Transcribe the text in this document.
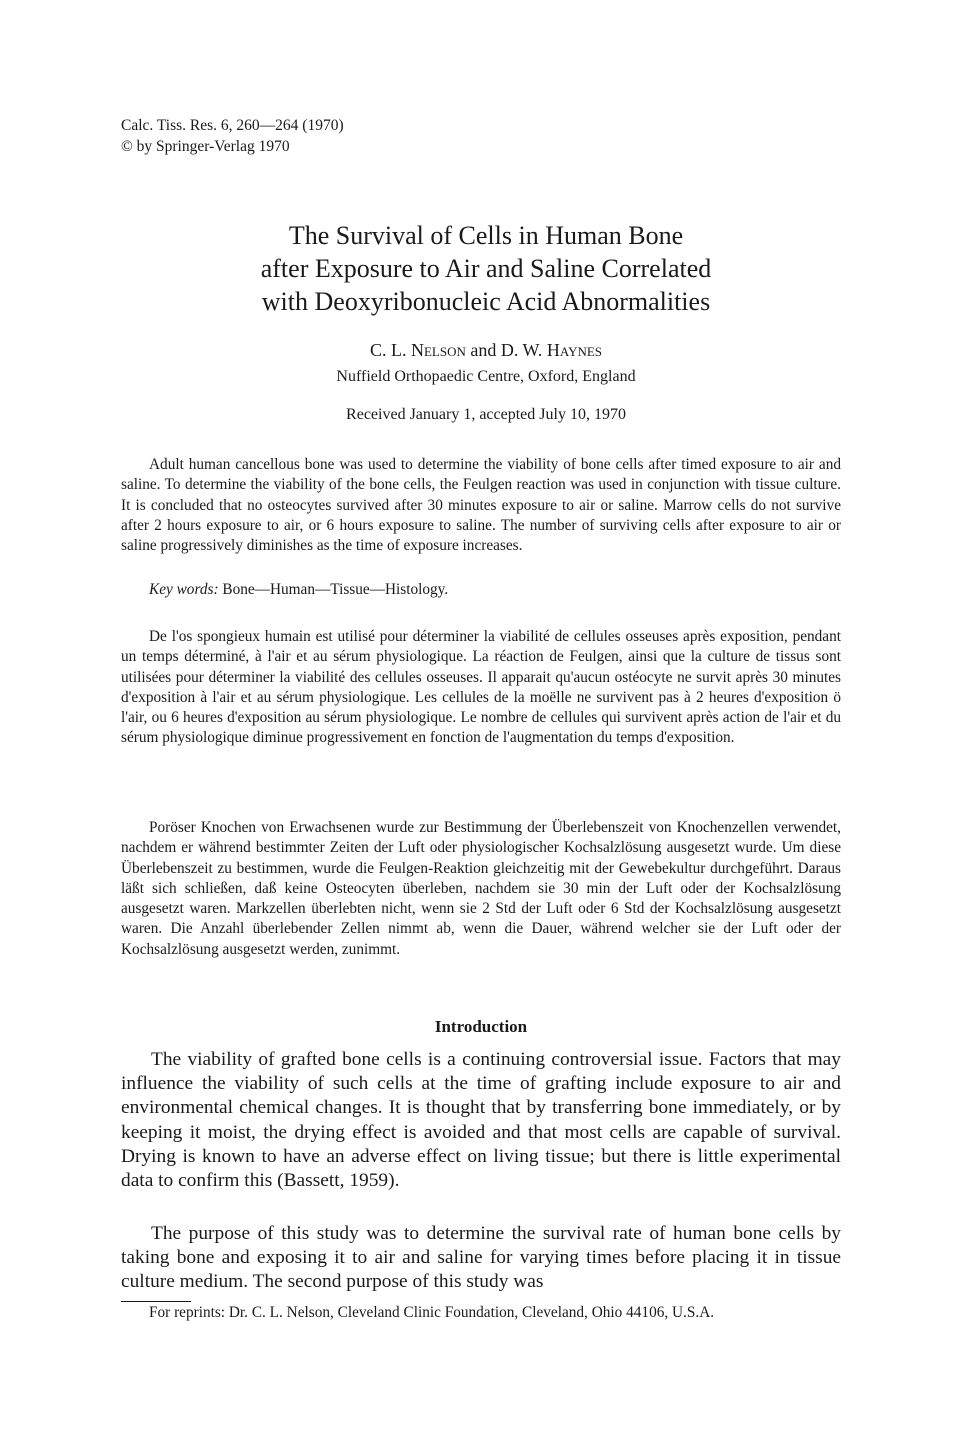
Calc. Tiss. Res. 6, 260—264 (1970)
© by Springer-Verlag 1970
The Survival of Cells in Human Bone
after Exposure to Air and Saline Correlated
with Deoxyribonucleic Acid Abnormalities
C. L. Nelson and D. W. Haynes
Nuffield Orthopaedic Centre, Oxford, England
Received January 1, accepted July 10, 1970

Adult human cancellous bone was used to determine the viability of bone cells after timed exposure to air and saline. To determine the viability of the bone cells, the Feulgen reaction was used in conjunction with tissue culture. It is concluded that no osteocytes survived after 30 minutes exposure to air or saline. Marrow cells do not survive after 2 hours exposure to air, or 6 hours exposure to saline. The number of surviving cells after exposure to air or saline progressively diminishes as the time of exposure increases.

Key words: Bone—Human—Tissue—Histology.

De l'os spongieux humain est utilisé pour déterminer la viabilité de cellules osseuses après exposition, pendant un temps déterminé, à l'air et au sérum physiologique. La réaction de Feulgen, ainsi que la culture de tissus sont utilisées pour déterminer la viabilité des cellules osseuses. Il apparait qu'aucun ostéocyte ne survit après 30 minutes d'exposition à l'air et au sérum physiologique. Les cellules de la moëlle ne survivent pas à 2 heures d'exposition ö l'air, ou 6 heures d'exposition au sérum physiologique. Le nombre de cellules qui survivent après action de l'air et du sérum physiologique diminue progressivement en fonction de l'augmentation du temps d'exposition.

Poröser Knochen von Erwachsenen wurde zur Bestimmung der Überlebenszeit von Knochenzellen verwendet, nachdem er während bestimmter Zeiten der Luft oder physiologischer Kochsalzlösung ausgesetzt wurde. Um diese Überlebenszeit zu bestimmen, wurde die Feulgen-Reaktion gleichzeitig mit der Gewebekultur durchgeführt. Daraus läßt sich schließen, daß keine Osteocyten überleben, nachdem sie 30 min der Luft oder der Kochsalzlösung ausgesetzt waren. Markzellen überlebten nicht, wenn sie 2 Std der Luft oder 6 Std der Kochsalzlösung ausgesetzt waren. Die Anzahl überlebender Zellen nimmt ab, wenn die Dauer, während welcher sie der Luft oder der Kochsalzlösung ausgesetzt werden, zunimmt.

Introduction

The viability of grafted bone cells is a continuing controversial issue. Factors that may influence the viability of such cells at the time of grafting include exposure to air and environmental chemical changes. It is thought that by transferring bone immediately, or by keeping it moist, the drying effect is avoided and that most cells are capable of survival. Drying is known to have an adverse effect on living tissue; but there is little experimental data to confirm this (Bassett, 1959).

The purpose of this study was to determine the survival rate of human bone cells by taking bone and exposing it to air and saline for varying times before placing it in tissue culture medium. The second purpose of this study was

For reprints: Dr. C. L. Nelson, Cleveland Clinic Foundation, Cleveland, Ohio 44106, U.S.A.
